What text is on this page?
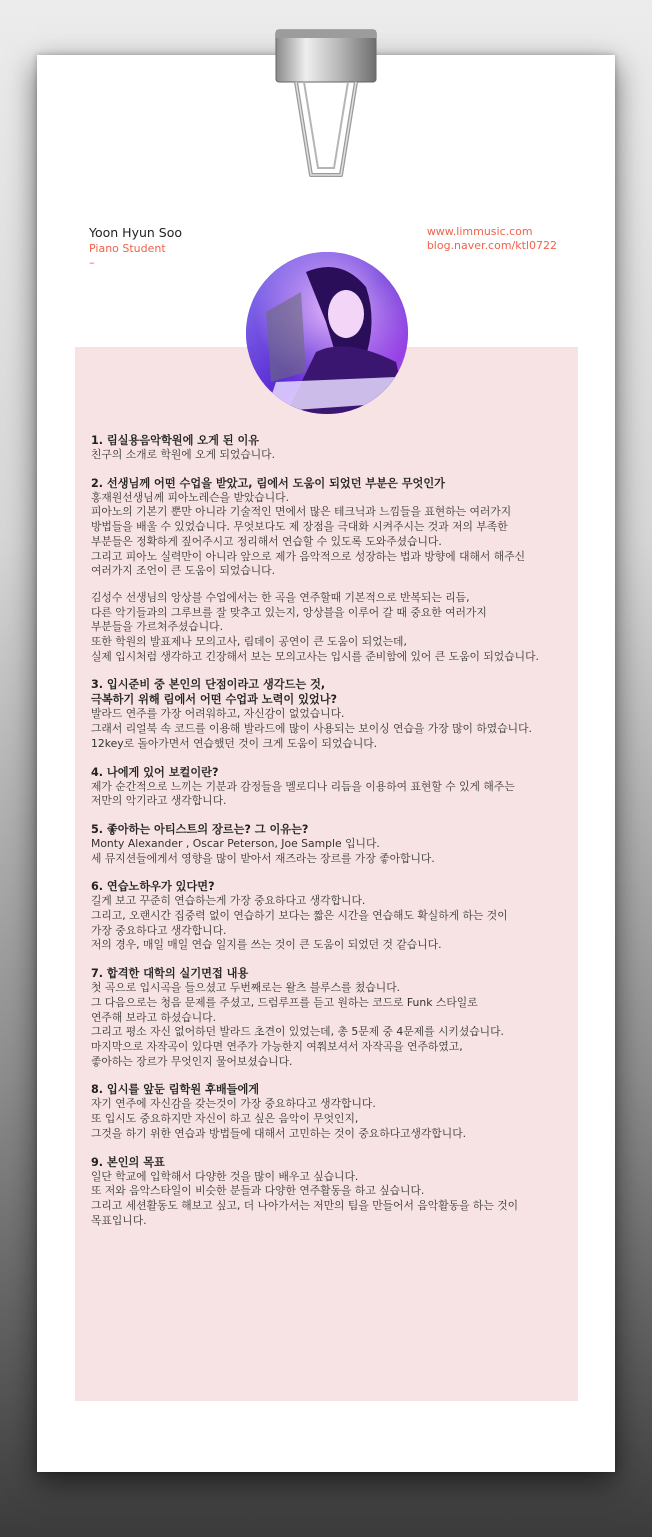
Yoon Hyun Soo
Piano Student
–
www.limmusic.com
blog.naver.com/ktl0722
1. 림실용음악학원에 오게 된 이유
친구의 소개로 학원에 오게 되었습니다.
2. 선생님께 어떤 수업을 받았고, 림에서 도움이 되었던 부분은 무엇인가
홍재원선생님께 피아노레슨을 받았습니다.
피아노의 기본기 뿐만 아니라 기술적인 면에서 많은 테크닉과 느낌들을 표현하는 여러가지
방법들을 배울 수 있었습니다. 무엇보다도 제 장점을 극대화 시켜주시는 것과 저의 부족한
부분들은 정확하게 짚어주시고 정리해서 연습할 수 있도록 도와주셨습니다.
그리고 피아노 실력만이 아니라 앞으로 제가 음악적으로 성장하는 법과 방향에 대해서 해주신
여러가지 조언이 큰 도움이 되었습니다.
김성수 선생님의 앙상블 수업에서는 한 곡을 연주할때 기본적으로 반복되는 리듬,
다른 악기들과의 그루브를 잘 맞추고 있는지, 앙상블을 이루어 갈 때 중요한 여러가지
부분들을 가르쳐주셨습니다.
또한 학원의 발표제나 모의고사, 림데이 공연이 큰 도움이 되었는데,
실제 입시처럼 생각하고 긴장해서 보는 모의고사는 입시를 준비함에 있어 큰 도움이 되었습니다.
3. 입시준비 중 본인의 단점이라고 생각드는 것,
극복하기 위해 림에서 어떤 수업과 노력이 있었나?
발라드 연주를 가장 어려워하고, 자신감이 없었습니다.
그래서 리얼북 속 코드를 이용해 발라드에 많이 사용되는 보이싱 연습을 가장 많이 하였습니다.
12key로 돌아가면서 연습했던 것이 크게 도움이 되었습니다.
4. 나에게 있어 보컬이란?
제가 순간적으로 느끼는 기분과 감정들을 멜로디나 리듬을 이용하여 표현할 수 있게 해주는
저만의 악기라고 생각합니다.
5. 좋아하는 아티스트의 장르는? 그 이유는?
Monty Alexander , Oscar Peterson, Joe Sample 입니다.
세 뮤지션들에게서 영향을 많이 받아서 재즈라는 장르를 가장 좋아합니다.
6. 연습노하우가 있다면?
길게 보고 꾸준히 연습하는게 가장 중요하다고 생각합니다.
그리고, 오랜시간 집중력 없이 연습하기 보다는 짧은 시간을 연습해도 확실하게 하는 것이
가장 중요하다고 생각합니다.
저의 경우, 매일 매일 연습 일지를 쓰는 것이 큰 도움이 되었던 것 같습니다.
7. 합격한 대학의 실기면접 내용
첫 곡으로 입시곡을 들으셨고 두번째로는 왈츠 블루스를 쳤습니다.
그 다음으로는 청음 문제를 주셨고, 드럼루프를 듣고 원하는 코드로 Funk 스타일로
연주해 보라고 하셨습니다.
그리고 평소 자신 없어하던 발라드 초견이 있었는데, 총 5문제 중 4문제를 시키셨습니다.
마지막으로 자작곡이 있다면 연주가 가능한지 여쭤보셔서 자작곡을 연주하였고,
좋아하는 장르가 무엇인지 물어보셨습니다.
8. 입시를 앞둔 림학원 후배들에게
자기 연주에 자신감을 갖는것이 가장 중요하다고 생각합니다.
또 입시도 중요하지만 자신이 하고 싶은 음악이 무엇인지,
그것을 하기 위한 연습과 방법들에 대해서 고민하는 것이 중요하다고생각합니다.
9. 본인의 목표
일단 학교에 입학해서 다양한 것을 많이 배우고 싶습니다.
또 저와 음악스타일이 비슷한 분들과 다양한 연주활동을 하고 싶습니다.
그리고 세션활동도 해보고 싶고, 더 나아가서는 저만의 팀을 만들어서 음악활동을 하는 것이
목표입니다.
